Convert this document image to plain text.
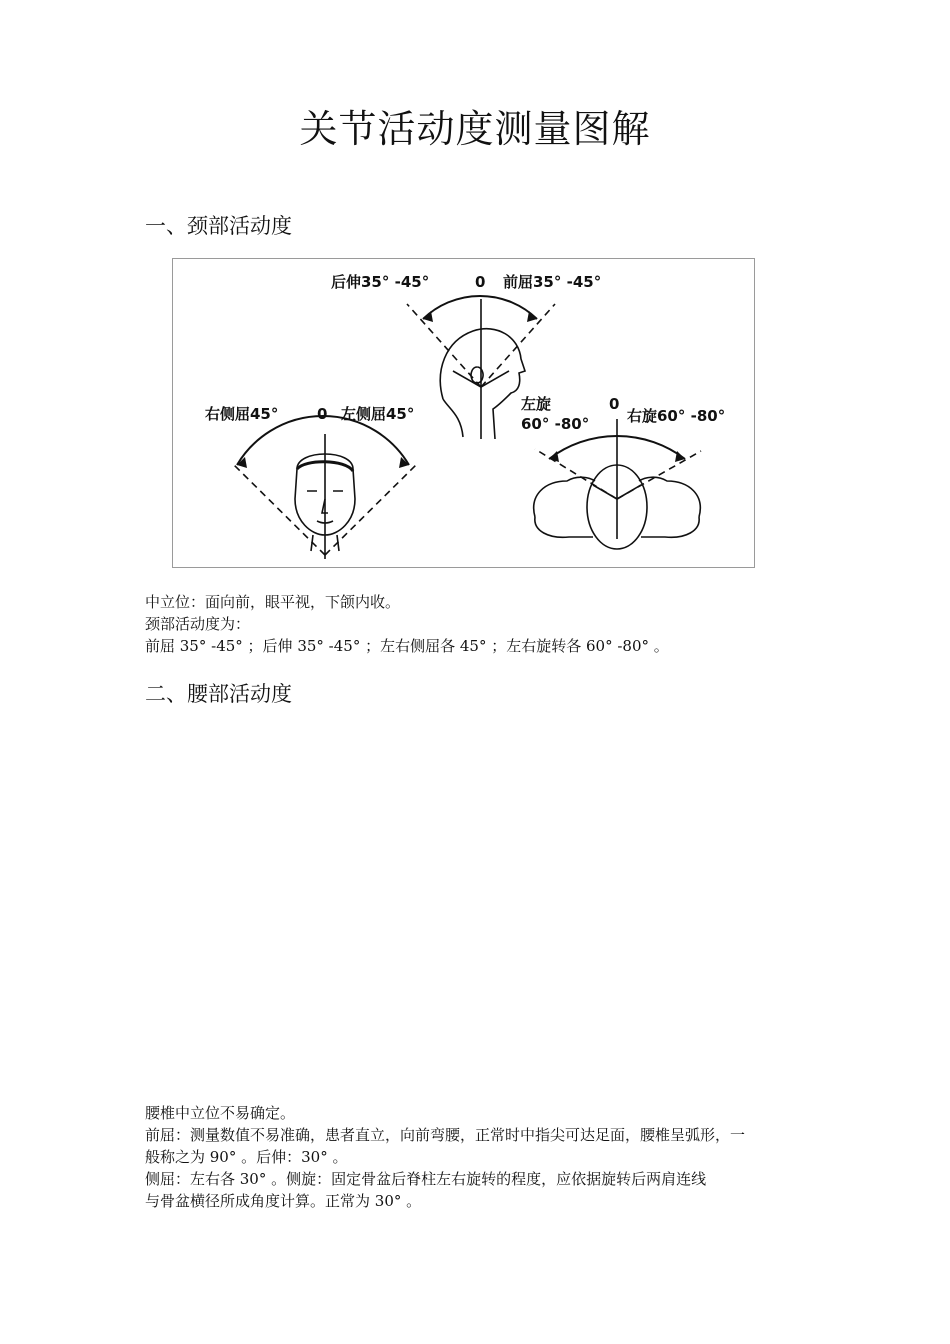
关节活动度测量图解
一、颈部活动度
后伸35° -45°	0 前屈35° -45°
右侧屈45°	0 左侧屈45°
左旋
60° -80°
0
右旋60° -80°
中立位：面向前，眼平视，下颌内收。
颈部活动度为：
前屈 35° -45° ；后伸 35° -45° ；左右侧屈各 45° ；左右旋转各 60° -80° 。
二、腰部活动度
腰椎中立位不易确定。
前屈：测量数值不易准确，患者直立，向前弯腰，正常时中指尖可达足面，腰椎呈弧形，一
般称之为 90° 。后伸：30° 。
侧屈：左右各 30° 。侧旋：固定骨盆后脊柱左右旋转的程度，应依据旋转后两肩连线
与骨盆横径所成角度计算。正常为 30° 。
